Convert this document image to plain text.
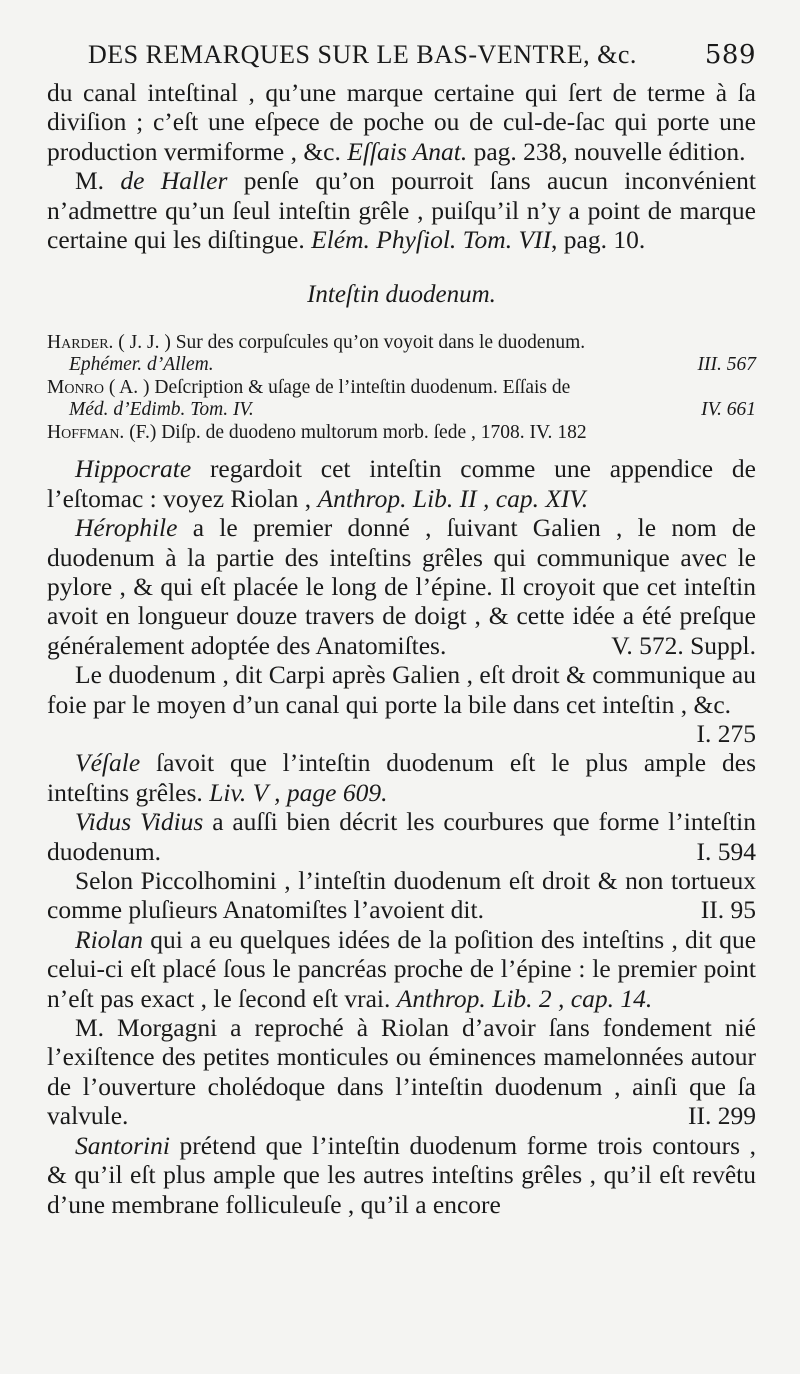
DES REMARQUES SUR LE BAS-VENTRE, &c.	589

du canal inteſtinal , qu’une marque certaine qui ſert de terme à ſa diviſion ; c’eſt une eſpece de poche ou de cul-de-ſac qui porte une production vermiforme , &c. Eſſais Anat. pag. 238, nouvelle édition.

M. de Haller penſe qu’on pourroit ſans aucun inconvénient n’admettre qu’un ſeul inteſtin grêle , puiſqu’il n’y a point de marque certaine qui les diſtingue. Elém. Phyſiol. Tom. VII, pag. 10.

Inteſtin duodenum.
Harder. ( J. J. ) Sur des corpuſcules qu’on voyoit dans le duodenum.
Ephémer. d’Allem.	III. 567
Monro ( A. ) Deſcription & uſage de l’inteſtin duodenum. Eſſais de
Méd. d’Edimb. Tom. IV.	IV. 661
Hoffman. (F.) Diſp. de duodeno multorum morb. ſede , 1708. IV. 182

Hippocrate regardoit cet inteſtin comme une appendice de l’eſtomac : voyez Riolan , Anthrop. Lib. II , cap. XIV.

Hérophile a le premier donné , ſuivant Galien , le nom de duodenum à la partie des inteſtins grêles qui communique avec le pylore , & qui eſt placée le long de l’épine. Il croyoit que cet inteſtin avoit en longueur douze travers de doigt , & cette idée a été preſque généralement adoptée des Anatomiſtes.	V. 572. Suppl.

Le duodenum , dit Carpi après Galien , eſt droit & communique au foie par le moyen d’un canal qui porte la bile dans cet inteſtin , &c.
I. 275

Véſale ſavoit que l’inteſtin duodenum eſt le plus ample des inteſtins grêles. Liv. V , page 609.

Vidus Vidius a auſſi bien décrit les courbures que forme l’inteſtin duodenum.	I. 594

Selon Piccolhomini , l’inteſtin duodenum eſt droit & non tortueux comme pluſieurs Anatomiſtes l’avoient dit.	II. 95

Riolan qui a eu quelques idées de la poſition des inteſtins , dit que celui-ci eſt placé ſous le pancréas proche de l’épine : le premier point n’eſt pas exact , le ſecond eſt vrai. Anthrop. Lib. 2 , cap. 14.

M. Morgagni a reproché à Riolan d’avoir ſans fondement nié l’exiſtence des petites monticules ou éminences mamelonnées autour de l’ouverture cholédoque dans l’inteſtin duodenum , ainſi que ſa valvule.	II. 299

Santorini prétend que l’inteſtin duodenum forme trois contours , & qu’il eſt plus ample que les autres inteſtins grêles , qu’il eſt revêtu d’une membrane folliculeuſe , qu’il a encore
